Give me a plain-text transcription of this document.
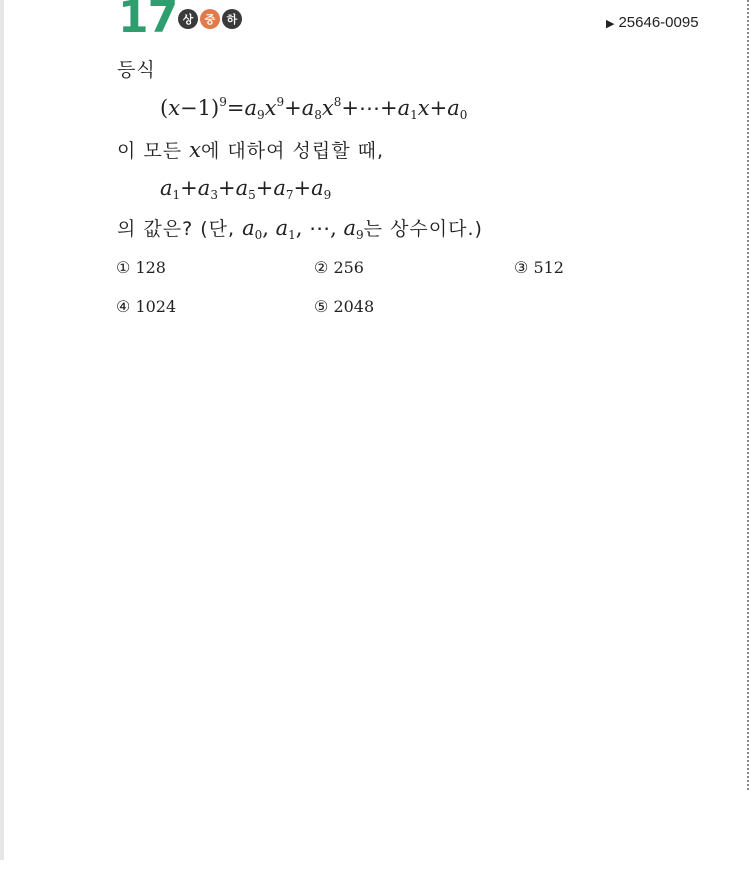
17 상	중	하	▶ 25646-0095
등식
$(x-1)^9=a_9x^9+a_8x^8+\cdots+a_1x+a_0$
이 모든 x에 대하여 성립할 때,
$a_1+a_3+a_5+a_7+a_9$
의 값은? (단, $a_0$, $a_1$, ⋯, $a_9$는 상수이다.)
① 128	② 256	③ 512
④ 1024	⑤ 2048
